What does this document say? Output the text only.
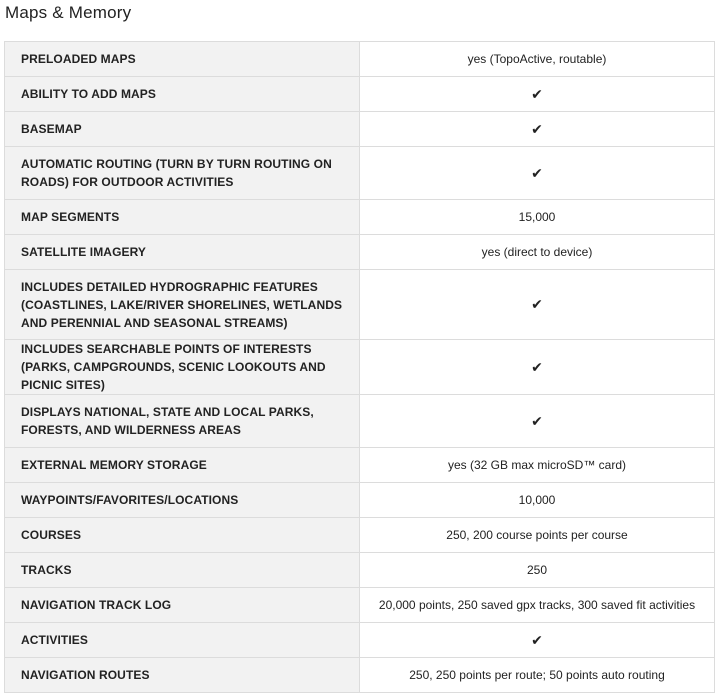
Maps & Memory
PRELOADED MAPS	yes (TopoActive, routable)
ABILITY TO ADD MAPS	✔
BASEMAP	✔
AUTOMATIC ROUTING (TURN BY TURN ROUTING ON ROADS) FOR OUTDOOR ACTIVITIES	✔
MAP SEGMENTS	15,000
SATELLITE IMAGERY	yes (direct to device)
INCLUDES DETAILED HYDROGRAPHIC FEATURES (COASTLINES, LAKE/RIVER SHORELINES, WETLANDS AND PERENNIAL AND SEASONAL STREAMS)	✔
INCLUDES SEARCHABLE POINTS OF INTERESTS (PARKS, CAMPGROUNDS, SCENIC LOOKOUTS AND PICNIC SITES)	✔
DISPLAYS NATIONAL, STATE AND LOCAL PARKS, FORESTS, AND WILDERNESS AREAS	✔
EXTERNAL MEMORY STORAGE	yes (32 GB max microSD™ card)
WAYPOINTS/FAVORITES/LOCATIONS	10,000
COURSES	250, 200 course points per course
TRACKS	250
NAVIGATION TRACK LOG	20,000 points, 250 saved gpx tracks, 300 saved fit activities
ACTIVITIES	✔
NAVIGATION ROUTES	250, 250 points per route; 50 points auto routing
